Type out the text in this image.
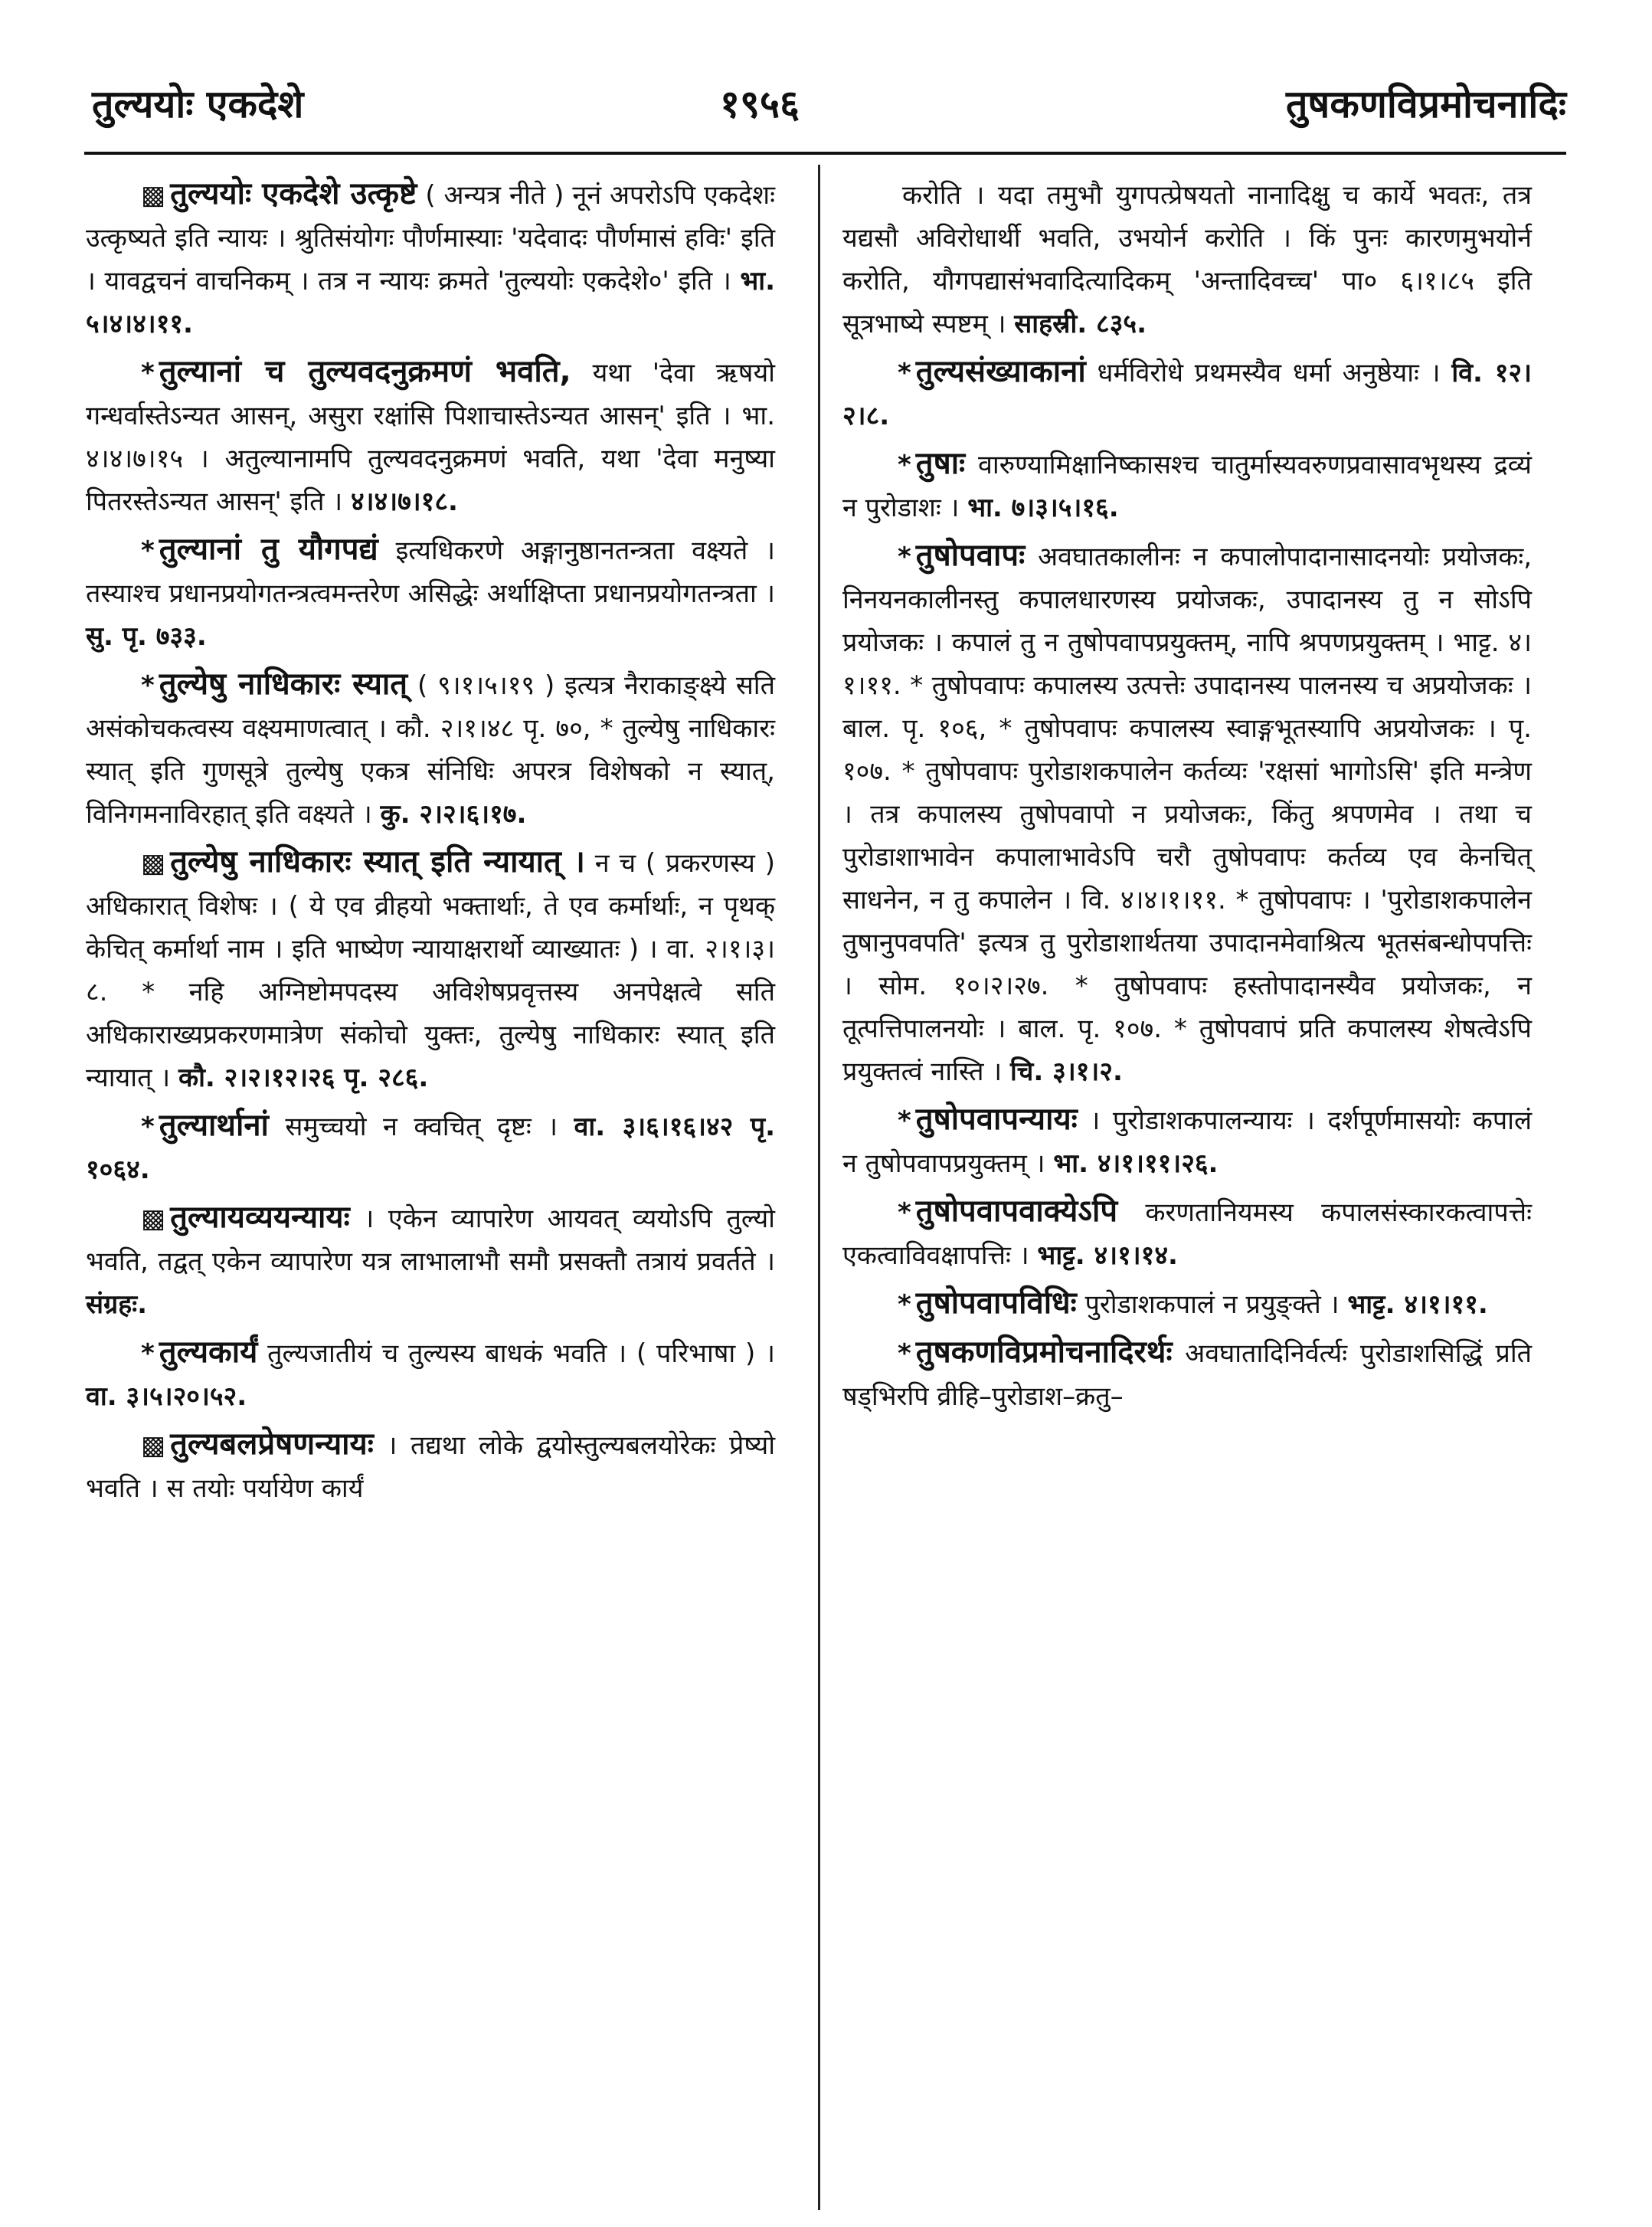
तुल्ययोः एकदेशे	१९५६	तुषकणविप्रमोचनादिः

▩ तुल्ययोः एकदेशे उत्कृष्टे ( अन्यत्र नीते ) नूनं अपरोऽपि एकदेशः उत्कृष्यते इति न्यायः । श्रुतिसंयोगः पौर्णमास्याः 'यदेवादः पौर्णमासं हविः' इति । यावद्वचनं वाचनिकम् । तत्र न न्यायः क्रमते 'तुल्ययोः एकदेशे०' इति । भा. ५।४।४।११.

* तुल्यानां च तुल्यवदनुक्रमणं भवति, यथा 'देवा ऋषयो गन्धर्वास्तेऽन्यत आसन्, असुरा रक्षांसि पिशाचास्तेऽन्यत आसन्' इति । भा. ४।४।७।१५ । अतुल्यानामपि तुल्यवदनुक्रमणं भवति, यथा 'देवा मनुष्या पितरस्तेऽन्यत आसन्' इति । ४।४।७।१८.

* तुल्यानां तु यौगपद्यं इत्यधिकरणे अङ्गानुष्ठानतन्त्रता वक्ष्यते । तस्याश्च प्रधानप्रयोगतन्त्रत्वमन्तरेण असिद्धेः अर्थाक्षिप्ता प्रधानप्रयोगतन्त्रता । सु. पृ. ७३३.

* तुल्येषु नाधिकारः स्यात् ( ९।१।५।१९ ) इत्यत्र नैराकाङ्क्ष्ये सति असंकोचकत्वस्य वक्ष्यमाणत्वात् । कौ. २।१।४८ पृ. ७०, * तुल्येषु नाधिकारः स्यात् इति गुणसूत्रे तुल्येषु एकत्र संनिधिः अपरत्र विशेषको न स्यात्, विनिगमनाविरहात् इति वक्ष्यते । कु. २।२।६।१७.

▩ तुल्येषु नाधिकारः स्यात् इति न्यायात् । न च ( प्रकरणस्य ) अधिकारात् विशेषः । ( ये एव व्रीहयो भक्तार्थाः, ते एव कर्मार्थाः, न पृथक् केचित् कर्मार्था नाम । इति भाष्येण न्यायाक्षरार्थो व्याख्यातः ) । वा. २।१।३।८. * नहि अग्निष्टोमपदस्य अविशेषप्रवृत्तस्य अनपेक्षत्वे सति अधिकाराख्यप्रकरणमात्रेण संकोचो युक्तः, तुल्येषु नाधिकारः स्यात् इति न्यायात् । कौ. २।२।१२।२६ पृ. २८६.

* तुल्यार्थानां समुच्चयो न क्वचित् दृष्टः । वा. ३।६।१६।४२ पृ. १०६४.

▩ तुल्यायव्ययन्यायः । एकेन व्यापारेण आयवत् व्ययोऽपि तुल्यो भवति, तद्वत् एकेन व्यापारेण यत्र लाभालाभौ समौ प्रसक्तौ तत्रायं प्रवर्तते । संग्रहः.

* तुल्यकार्यं तुल्यजातीयं च तुल्यस्य बाधकं भवति । ( परिभाषा ) । वा. ३।५।२०।५२.

▩ तुल्यबलप्रेषणन्यायः । तद्यथा लोके द्वयोस्तुल्यबलयोरेकः प्रेष्यो भवति । स तयोः पर्यायेण कार्यं

करोति । यदा तमुभौ युगपत्प्रेषयतो नानादिक्षु च कार्ये भवतः, तत्र यद्यसौ अविरोधार्थी भवति, उभयोर्न करोति । किं पुनः कारणमुभयोर्न करोति, यौगपद्यासंभवादित्यादिकम् 'अन्तादिवच्च' पा० ६।१।८५ इति सूत्रभाष्ये स्पष्टम् । साहस्री. ८३५.

* तुल्यसंख्याकानां धर्मविरोधे प्रथमस्यैव धर्मा अनुष्ठेयाः । वि. १२।२।८.

* तुषाः वारुण्यामिक्षानिष्कासश्च चातुर्मास्यवरुणप्रवासावभृथस्य द्रव्यं न पुरोडाशः । भा. ७।३।५।१६.

* तुषोपवापः अवघातकालीनः न कपालोपादानासादनयोः प्रयोजकः, निनयनकालीनस्तु कपालधारणस्य प्रयोजकः, उपादानस्य तु न सोऽपि प्रयोजकः । कपालं तु न तुषोपवापप्रयुक्तम्, नापि श्रपणप्रयुक्तम् । भाट्ट. ४।१।११. * तुषोपवापः कपालस्य उत्पत्तेः उपादानस्य पालनस्य च अप्रयोजकः । बाल. पृ. १०६, * तुषोपवापः कपालस्य स्वाङ्गभूतस्यापि अप्रयोजकः । पृ. १०७. * तुषोपवापः पुरोडाशकपालेन कर्तव्यः 'रक्षसां भागोऽसि' इति मन्त्रेण । तत्र कपालस्य तुषोपवापो न प्रयोजकः, किंतु श्रपणमेव । तथा च पुरोडाशाभावेन कपालाभावेऽपि चरौ तुषोपवापः कर्तव्य एव केनचित् साधनेन, न तु कपालेन । वि. ४।४।१।११. * तुषोपवापः । 'पुरोडाशकपालेन तुषानुपवपति' इत्यत्र तु पुरोडाशार्थतया उपादानमेवाश्रित्य भूतसंबन्धोपपत्तिः । सोम. १०।२।२७. * तुषोपवापः हस्तोपादानस्यैव प्रयोजकः, न तूत्पत्तिपालनयोः । बाल. पृ. १०७. * तुषोपवापं प्रति कपालस्य शेषत्वेऽपि प्रयुक्तत्वं नास्ति । चि. ३।१।२.

* तुषोपवापन्यायः । पुरोडाशकपालन्यायः । दर्शपूर्णमासयोः कपालं न तुषोपवापप्रयुक्तम् । भा. ४।१।११।२६.

* तुषोपवापवाक्येऽपि करणतानियमस्य कपालसंस्कारकत्वापत्तेः एकत्वाविवक्षापत्तिः । भाट्ट. ४।१।१४.

* तुषोपवापविधिः पुरोडाशकपालं न प्रयुङ्क्ते । भाट्ट. ४।१।११.

* तुषकणविप्रमोचनादिरर्थः अवघातादिनिर्वर्त्यः पुरोडाशसिद्धिं प्रति षड्भिरपि व्रीहि–पुरोडाश–क्रतु–
